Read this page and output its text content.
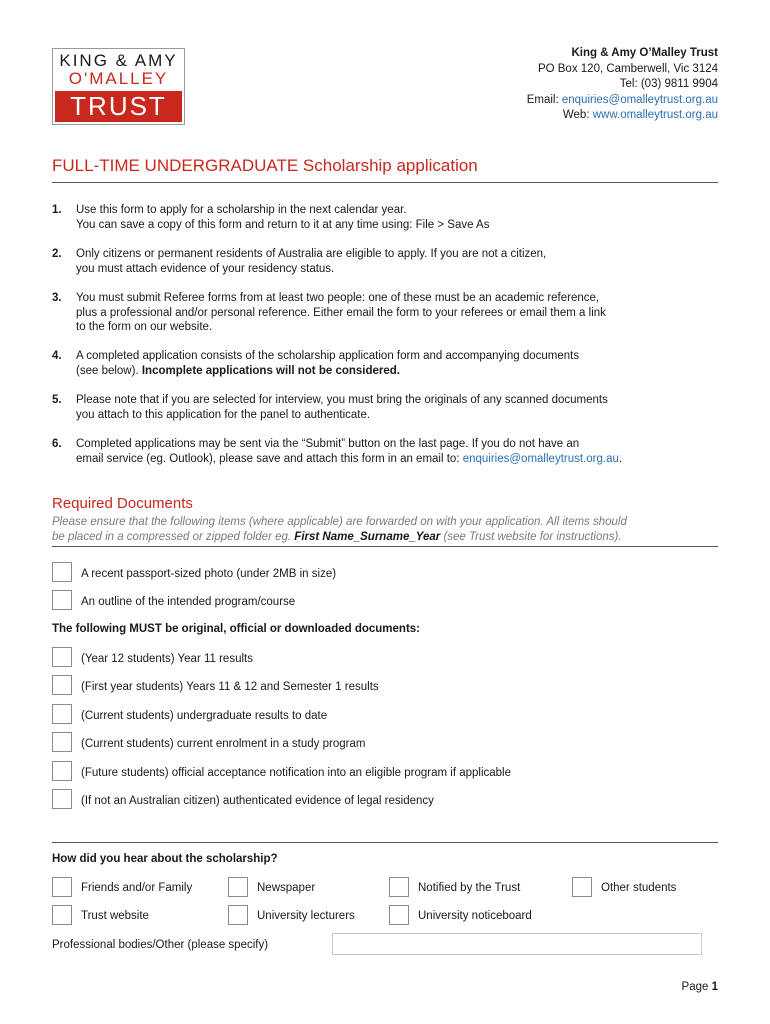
KING & AMY
O'MALLEY
TRUST
King & Amy O’Malley Trust
PO Box 120, Camberwell, Vic 3124
Tel: (03) 9811 9904
Email: enquiries@omalleytrust.org.au
Web: www.omalleytrust.org.au
FULL-TIME UNDERGRADUATE Scholarship application
1. Use this form to apply for a scholarship in the next calendar year.
You can save a copy of this form and return to it at any time using: File > Save As
2. Only citizens or permanent residents of Australia are eligible to apply. If you are not a citizen,
you must attach evidence of your residency status.
3. You must submit Referee forms from at least two people: one of these must be an academic reference,
plus a professional and/or personal reference. Either email the form to your referees or email them a link
to the form on our website.
4. A completed application consists of the scholarship application form and accompanying documents
(see below). Incomplete applications will not be considered.
5. Please note that if you are selected for interview, you must bring the originals of any scanned documents
you attach to this application for the panel to authenticate.
6. Completed applications may be sent via the “Submit” button on the last page. If you do not have an
email service (eg. Outlook), please save and attach this form in an email to: enquiries@omalleytrust.org.au.
Required Documents
Please ensure that the following items (where applicable) are forwarded on with your application. All items should
be placed in a compressed or zipped folder eg. First Name_Surname_Year (see Trust website for instructions).
A recent passport-sized photo (under 2MB in size)
An outline of the intended program/course
The following MUST be original, official or downloaded documents:
(Year 12 students) Year 11 results
(First year students) Years 11 & 12 and Semester 1 results
(Current students) undergraduate results to date
(Current students) current enrolment in a study program
(Future students) official acceptance notification into an eligible program if applicable
(If not an Australian citizen) authenticated evidence of legal residency
How did you hear about the scholarship?
Friends and/or Family	Newspaper	Notified by the Trust	Other students
Trust website	University lecturers	University noticeboard
Professional bodies/Other (please specify)
Page 1
